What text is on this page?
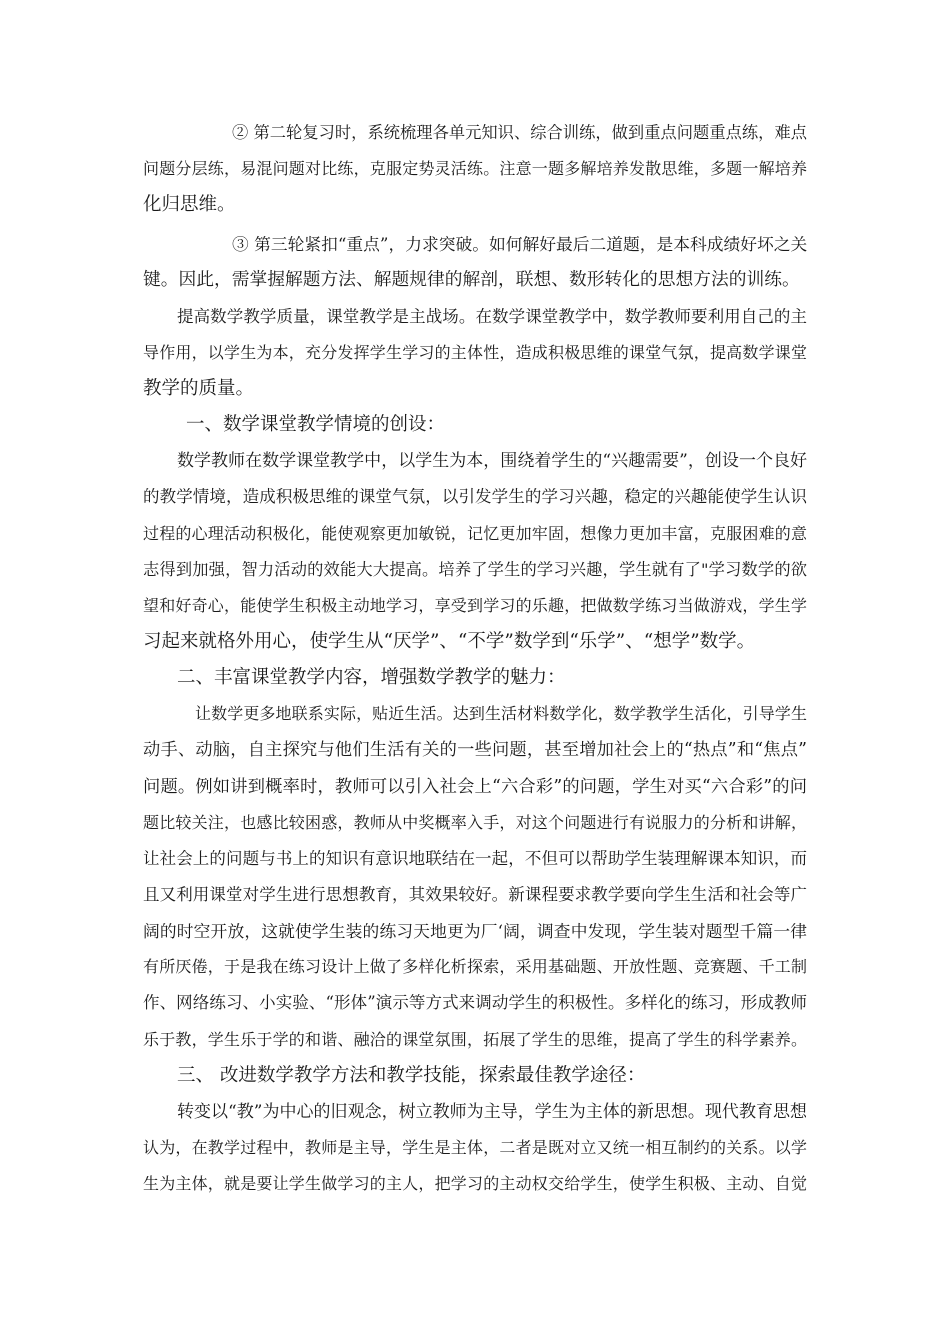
② 第二轮复习时，系统梳理各单元知识、综合训练，做到重点问题重点练，难点

问题分层练，易混问题对比练，克服定势灵活练。注意一题多解培养发散思维，多题一解培养

化归思维。

③ 第三轮紧扣“重点”，力求突破。如何解好最后二道题，是本科成绩好坏之关

键。因此，需掌握解题方法、解题规律的解剖，联想、数形转化的思想方法的训练。

提高数学教学质量，课堂教学是主战场。在数学课堂教学中，数学教师要利用自己的主

导作用，以学生为本，充分发挥学生学习的主体性，造成积极思维的课堂气氛，提高数学课堂

教学的质量。

一、数学课堂教学情境的创设：

数学教师在数学课堂教学中，以学生为本，围绕着学生的“兴趣需要”，创设一个良好

的教学情境，造成积极思维的课堂气氛，以引发学生的学习兴趣，稳定的兴趣能使学生认识

过程的心理活动积极化，能使观察更加敏锐，记忆更加牢固，想像力更加丰富，克服困难的意

志得到加强，智力活动的效能大大提高。培养了学生的学习兴趣，学生就有了"学习数学的欲

望和好奇心，能使学生积极主动地学习，享受到学习的乐趣，把做数学练习当做游戏，学生学

习起来就格外用心，使学生从“厌学”、“不学”数学到“乐学”、“想学”数学。

二、丰富课堂教学内容，增强数学教学的魅力：

让数学更多地联系实际，贴近生活。达到生活材料数学化，数学教学生活化，引导学生

动手、动脑，自主探究与他们生活有关的一些问题，甚至增加社会上的“热点”和“焦点”

问题。例如讲到概率时，教师可以引入社会上“六合彩”的问题，学生对买“六合彩”的问

题比较关注，也感比较困惑，教师从中奖概率入手，对这个问题进行有说服力的分析和讲解，

让社会上的问题与书上的知识有意识地联结在一起，不但可以帮助学生装理解课本知识，而

且又利用课堂对学生进行思想教育，其效果较好。新课程要求教学要向学生生活和社会等广

阔的时空开放，这就使学生装的练习天地更为厂‘阔，调查中发现，学生装对题型千篇一律

有所厌倦，于是我在练习设计上做了多样化析探索，采用基础题、开放性题、竞赛题、千工制

作、网络练习、小实验、“形体”演示等方式来调动学生的积极性。多样化的练习，形成教师

乐于教，学生乐于学的和谐、融洽的课堂氛围，拓展了学生的思维，提高了学生的科学素养。

三、 改进数学教学方法和教学技能，探索最佳教学途径：

转变以“教”为中心的旧观念，树立教师为主导，学生为主体的新思想。现代教育思想

认为，在教学过程中，教师是主导，学生是主体，二者是既对立又统一相互制约的关系。以学

生为主体，就是要让学生做学习的主人，把学习的主动权交给学生，使学生积极、主动、自觉
